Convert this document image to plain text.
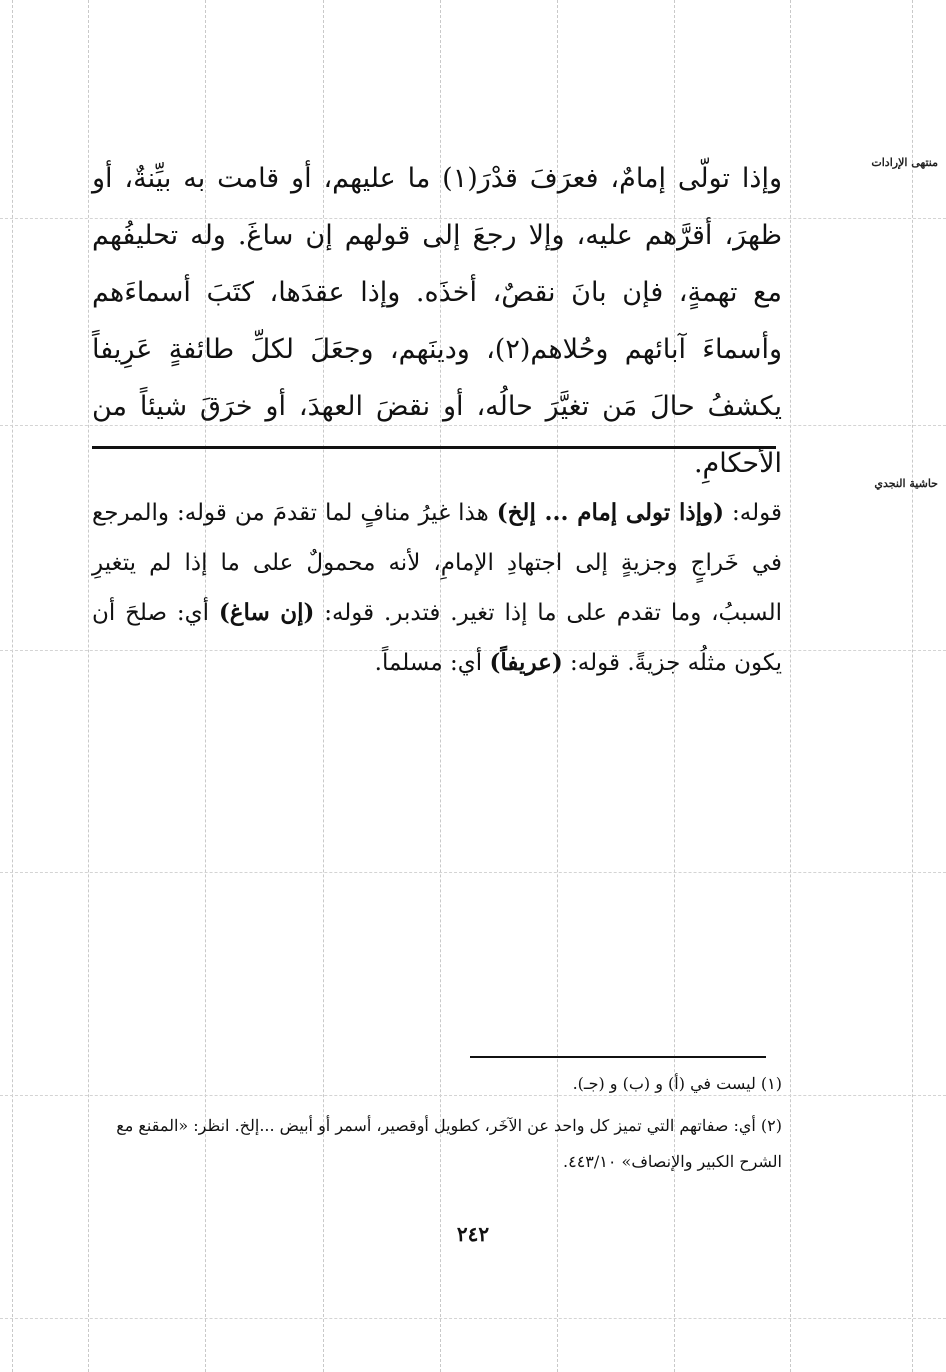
منتهى الإرادات
حاشية النجدي

وإذا تولّى إمامٌ، فعرَفَ قدْرَ(١) ما عليهم، أو قامت به بيِّنةٌ، أو ظهرَ، أقرَّهم عليه، وإلا رجعَ إلى قولهم إن ساغَ. وله تحليفُهم مع تهمةٍ، فإن بانَ نقصٌ، أخذَه. وإذا عقدَها، كتَبَ أسماءَهم وأسماءَ آبائهم وحُلاهم(٢)، ودينَهم، وجعَلَ لكلِّ طائفةٍ عَرِيفاً يكشفُ حالَ مَن تغيَّرَ حالُه، أو نقضَ العهدَ، أو خرَقَ شيئاً من الأحكامِ.

قوله: (وإذا تولى إمام ... إلخ) هذا غيرُ منافٍ لما تقدمَ من قوله: والمرجع في خَراجٍ وجزيةٍ إلى اجتهادِ الإمامِ، لأنه محمولٌ على ما إذا لم يتغيرِ السببُ، وما تقدم على ما إذا تغير. فتدبر. قوله: (إن ساغ) أي: صلحَ أن يكون مثلُه جزيةً. قوله: (عريفاً) أي: مسلماً.

(١) ليست في (أ) و (ب) و (جـ).

(٢) أي: صفاتهم التي تميز كل واحد عن الآخَر، كطويل أوقصير، أسمر أو أبيض ...إلخ. انظر: «المقنع مع الشرح الكبير والإنصاف» ٤٤٣/١٠.

٢٤٢
